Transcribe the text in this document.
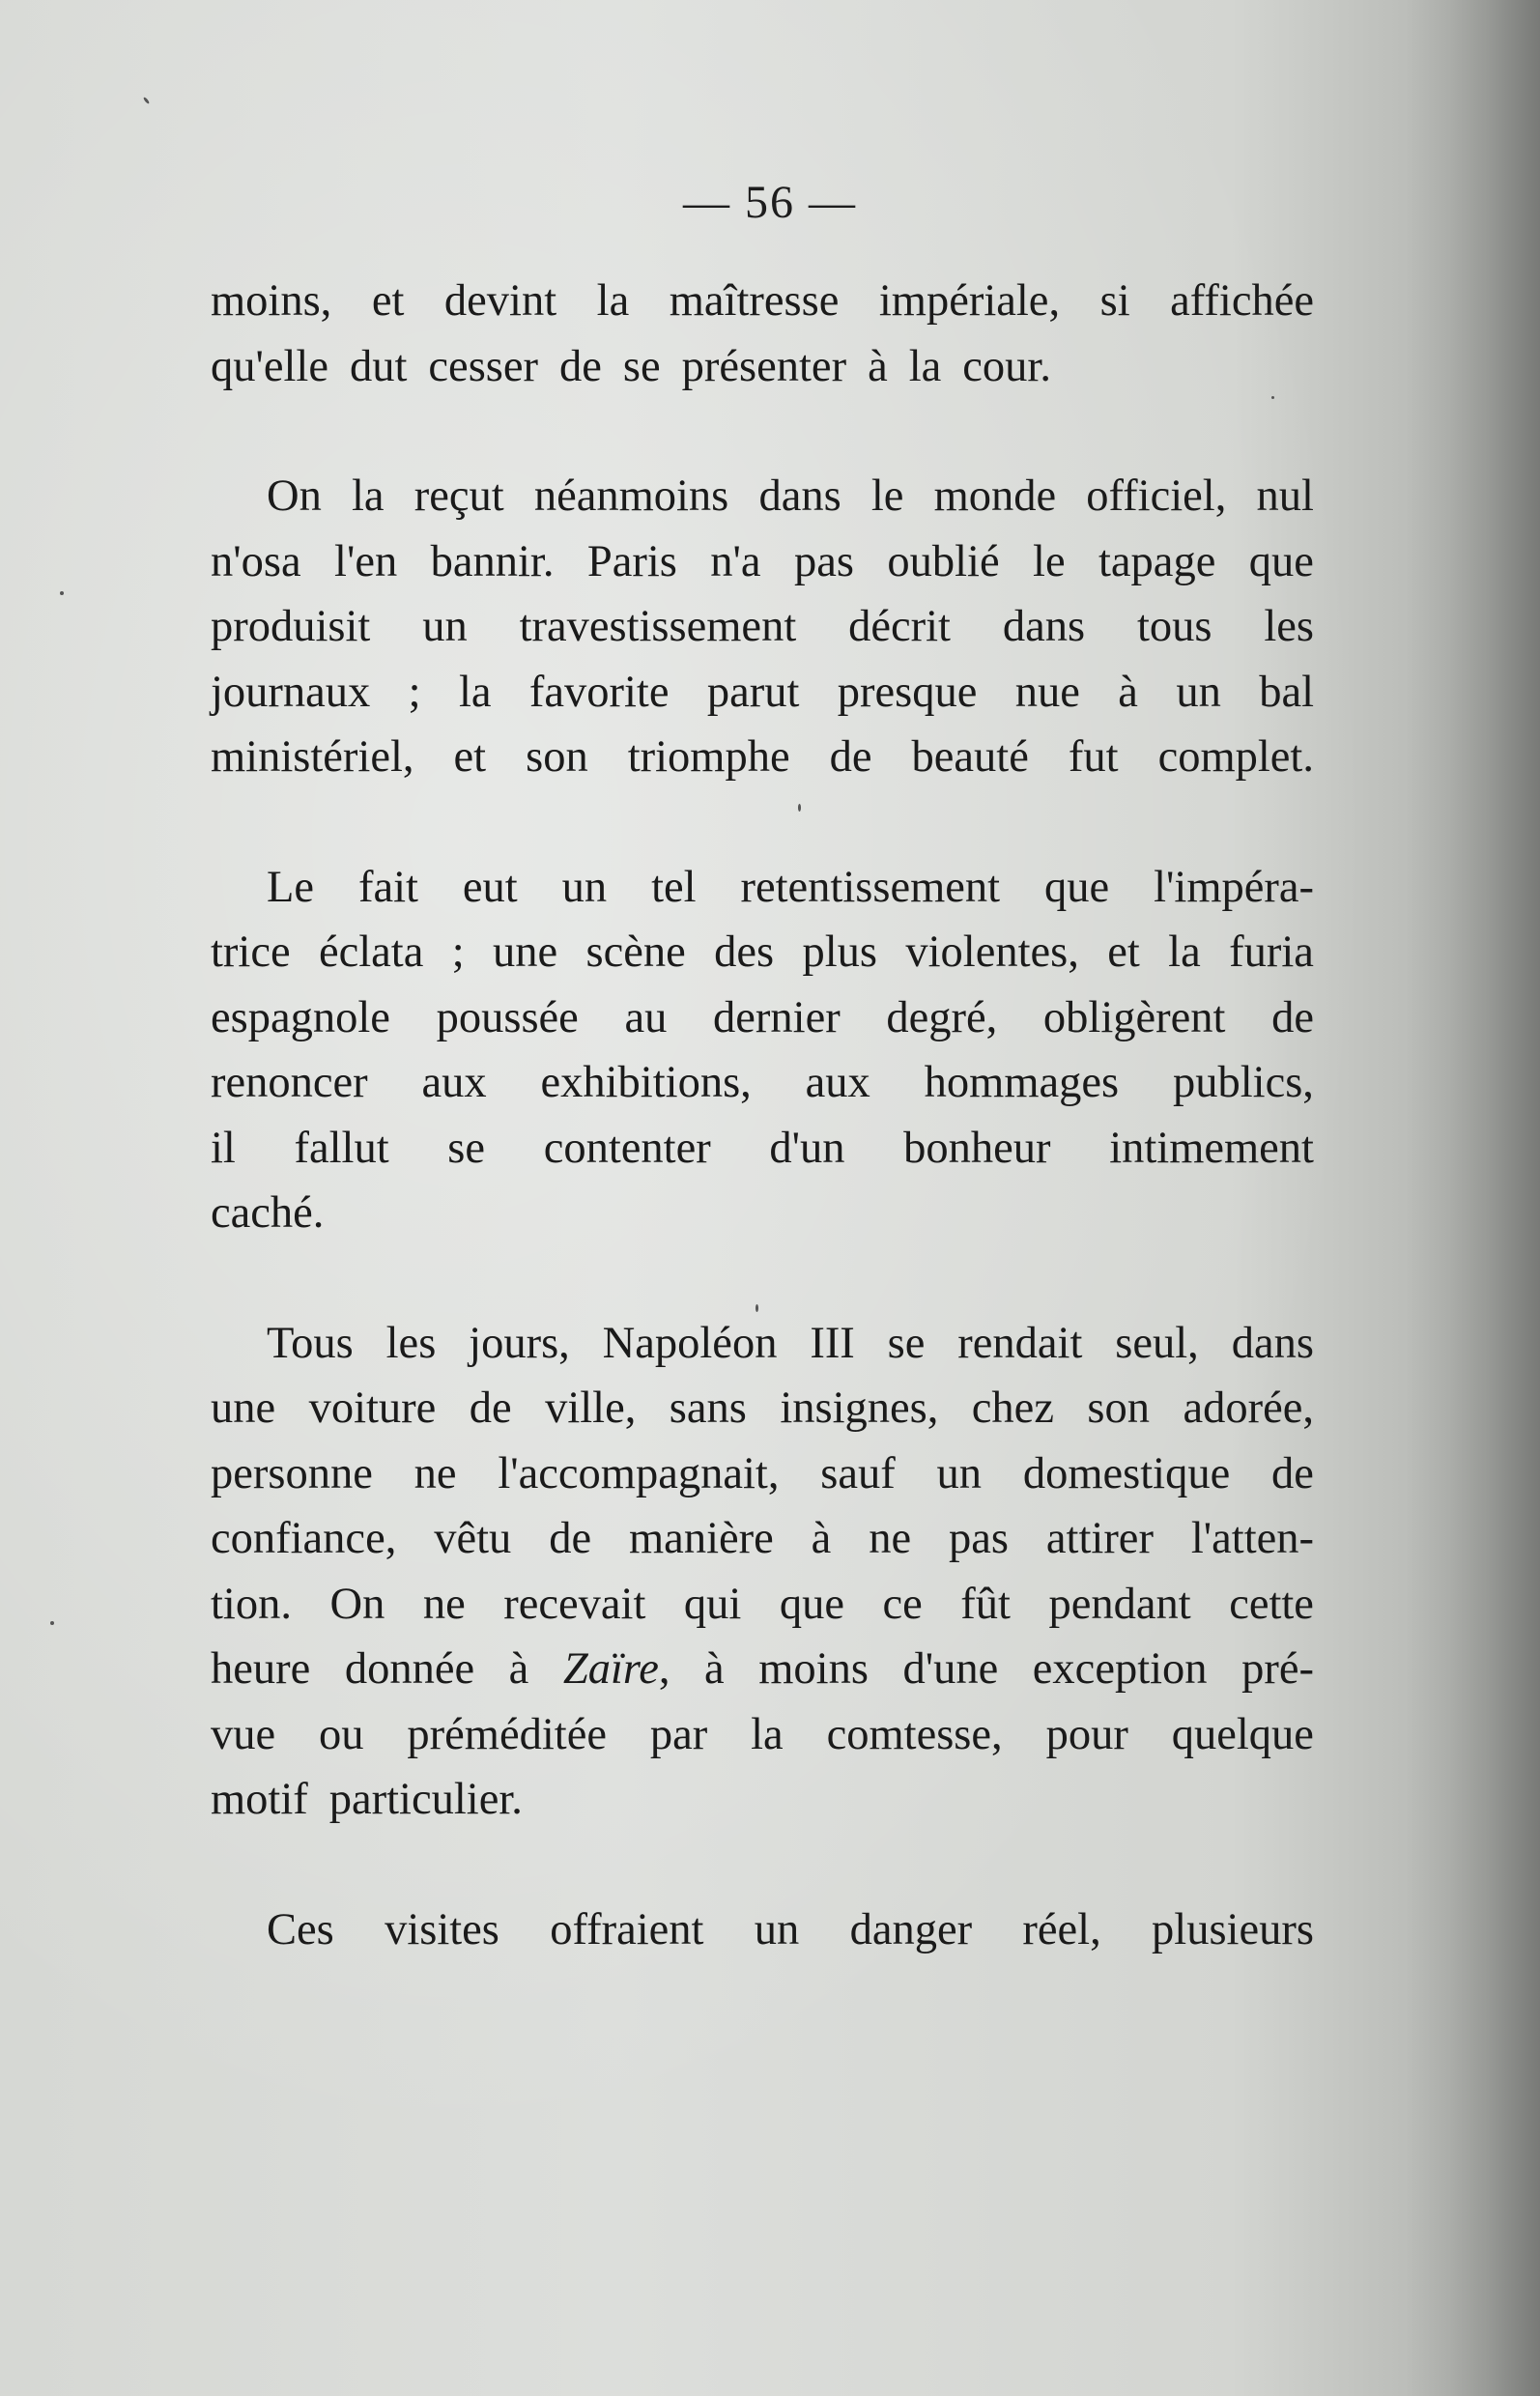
— 56 —

moins, et devint la maîtresse impériale, si affichée
qu'elle dut cesser de se présenter à la cour.

On la reçut néanmoins dans le monde officiel, nul
n'osa l'en bannir. Paris n'a pas oublié le tapage que
produisit un travestissement décrit dans tous les
journaux ; la favorite parut presque nue à un bal
ministériel, et son triomphe de beauté fut complet.

Le fait eut un tel retentissement que l'impéra-
trice éclata ; une scène des plus violentes, et la furia
espagnole poussée au dernier degré, obligèrent de
renoncer aux exhibitions, aux hommages publics,
il fallut se contenter d'un bonheur intimement
caché.

Tous les jours, Napoléon III se rendait seul, dans
une voiture de ville, sans insignes, chez son adorée,
personne ne l'accompagnait, sauf un domestique de
confiance, vêtu de manière à ne pas attirer l'atten-
tion. On ne recevait qui que ce fût pendant cette
heure donnée à Zaïre, à moins d'une exception pré-
vue ou préméditée par la comtesse, pour quelque
motif particulier.

Ces visites offraient un danger réel, plusieurs
